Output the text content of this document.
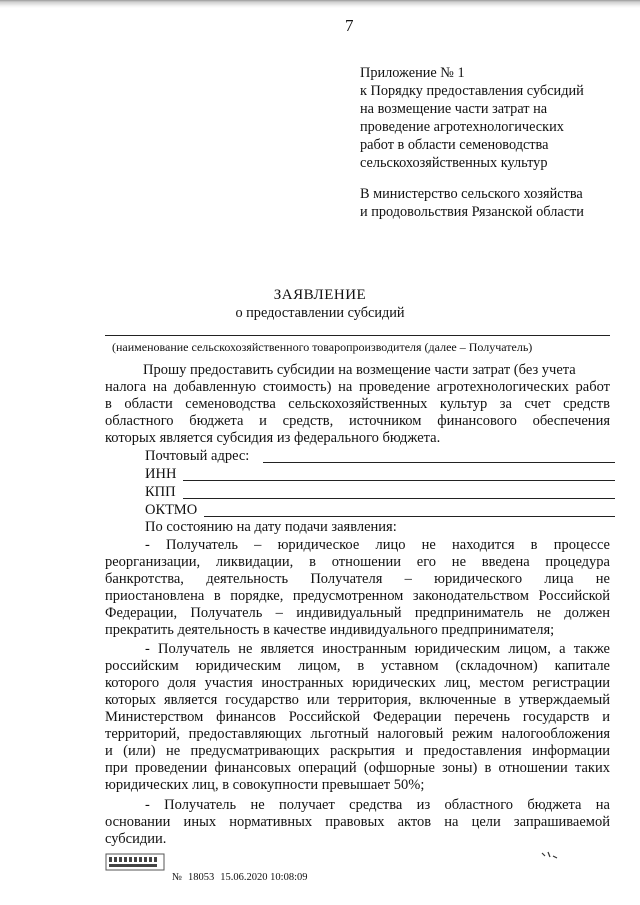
7
Приложение № 1
к Порядку предоставления субсидий
на возмещение части затрат на
проведение агротехнологических
работ в области семеноводства
сельскохозяйственных культур
В министерство сельского хозяйства
и продовольствия Рязанской области
ЗАЯВЛЕНИЕ
о предоставлении субсидий
(наименование сельскохозяйственного товаропроизводителя (далее – Получатель)
Прошу предоставить субсидии на возмещение части затрат (без учета
налога на добавленную стоимость) на проведение агротехнологических работ
в области семеноводства сельскохозяйственных культур за счет средств
областного бюджета и средств, источником финансового обеспечения
которых является субсидия из федерального бюджета.
Почтовый адрес:
ИНН
КПП
ОКТМО
По состоянию на дату подачи заявления:
- Получатель – юридическое лицо не находится в процессе
реорганизации, ликвидации, в отношении его не введена процедура
банкротства, деятельность Получателя – юридического лица не
приостановлена в порядке, предусмотренном законодательством Российской
Федерации, Получатель – индивидуальный предприниматель не должен
прекратить деятельность в качестве индивидуального предпринимателя;
- Получатель не является иностранным юридическим лицом, а также
российским юридическим лицом, в уставном (складочном) капитале
которого доля участия иностранных юридических лиц, местом регистрации
которых является государство или территория, включенные в утверждаемый
Министерством финансов Российской Федерации перечень государств и
территорий, предоставляющих льготный налоговый режим налогообложения
и (или) не предусматривающих раскрытия и предоставления информации
при проведении финансовых операций (офшорные зоны) в отношении таких
юридических лиц, в совокупности превышает 50%;
- Получатель не получает средства из областного бюджета на
основании иных нормативных правовых актов на цели запрашиваемой
субсидии.
№ 18053 15.06.2020 10:08:09
